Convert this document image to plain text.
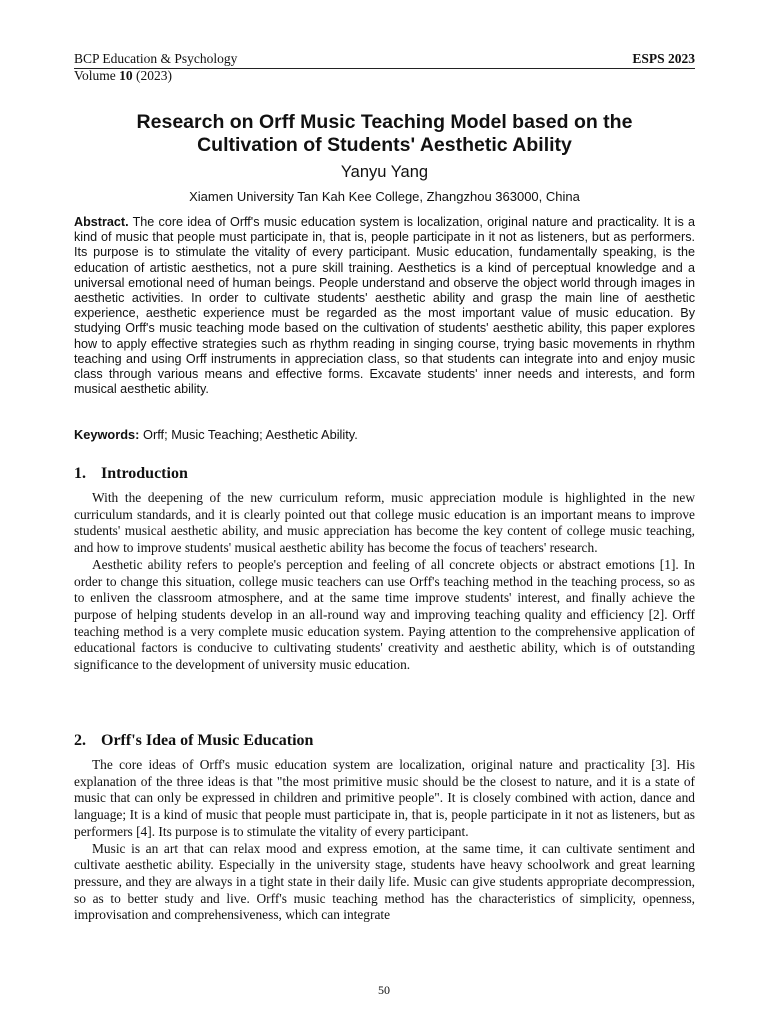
BCP Education & Psychology	ESPS 2023
Volume 10 (2023)
Research on Orff Music Teaching Model based on the
Cultivation of Students' Aesthetic Ability
Yanyu Yang
Xiamen University Tan Kah Kee College, Zhangzhou 363000, China

Abstract. The core idea of Orff's music education system is localization, original nature and practicality. It is a kind of music that people must participate in, that is, people participate in it not as listeners, but as performers. Its purpose is to stimulate the vitality of every participant. Music education, fundamentally speaking, is the education of artistic aesthetics, not a pure skill training. Aesthetics is a kind of perceptual knowledge and a universal emotional need of human beings. People understand and observe the object world through images in aesthetic activities. In order to cultivate students' aesthetic ability and grasp the main line of aesthetic experience, aesthetic experience must be regarded as the most important value of music education. By studying Orff's music teaching mode based on the cultivation of students' aesthetic ability, this paper explores how to apply effective strategies such as rhythm reading in singing course, trying basic movements in rhythm teaching and using Orff instruments in appreciation class, so that students can integrate into and enjoy music class through various means and effective forms. Excavate students' inner needs and interests, and form musical aesthetic ability.

Keywords: Orff; Music Teaching; Aesthetic Ability.

1. Introduction

With the deepening of the new curriculum reform, music appreciation module is highlighted in the new curriculum standards, and it is clearly pointed out that college music education is an important means to improve students' musical aesthetic ability, and music appreciation has become the key content of college music teaching, and how to improve students' musical aesthetic ability has become the focus of teachers' research.

Aesthetic ability refers to people's perception and feeling of all concrete objects or abstract emotions [1]. In order to change this situation, college music teachers can use Orff's teaching method in the teaching process, so as to enliven the classroom atmosphere, and at the same time improve students' interest, and finally achieve the purpose of helping students develop in an all-round way and improving teaching quality and efficiency [2]. Orff teaching method is a very complete music education system. Paying attention to the comprehensive application of educational factors is conducive to cultivating students' creativity and aesthetic ability, which is of outstanding significance to the development of university music education.

2. Orff's Idea of Music Education

The core ideas of Orff's music education system are localization, original nature and practicality [3]. His explanation of the three ideas is that "the most primitive music should be the closest to nature, and it is a state of music that can only be expressed in children and primitive people". It is closely combined with action, dance and language; It is a kind of music that people must participate in, that is, people participate in it not as listeners, but as performers [4]. Its purpose is to stimulate the vitality of every participant.

Music is an art that can relax mood and express emotion, at the same time, it can cultivate sentiment and cultivate aesthetic ability. Especially in the university stage, students have heavy schoolwork and great learning pressure, and they are always in a tight state in their daily life. Music can give students appropriate decompression, so as to better study and live. Orff's music teaching method has the characteristics of simplicity, openness, improvisation and comprehensiveness, which can integrate

50
